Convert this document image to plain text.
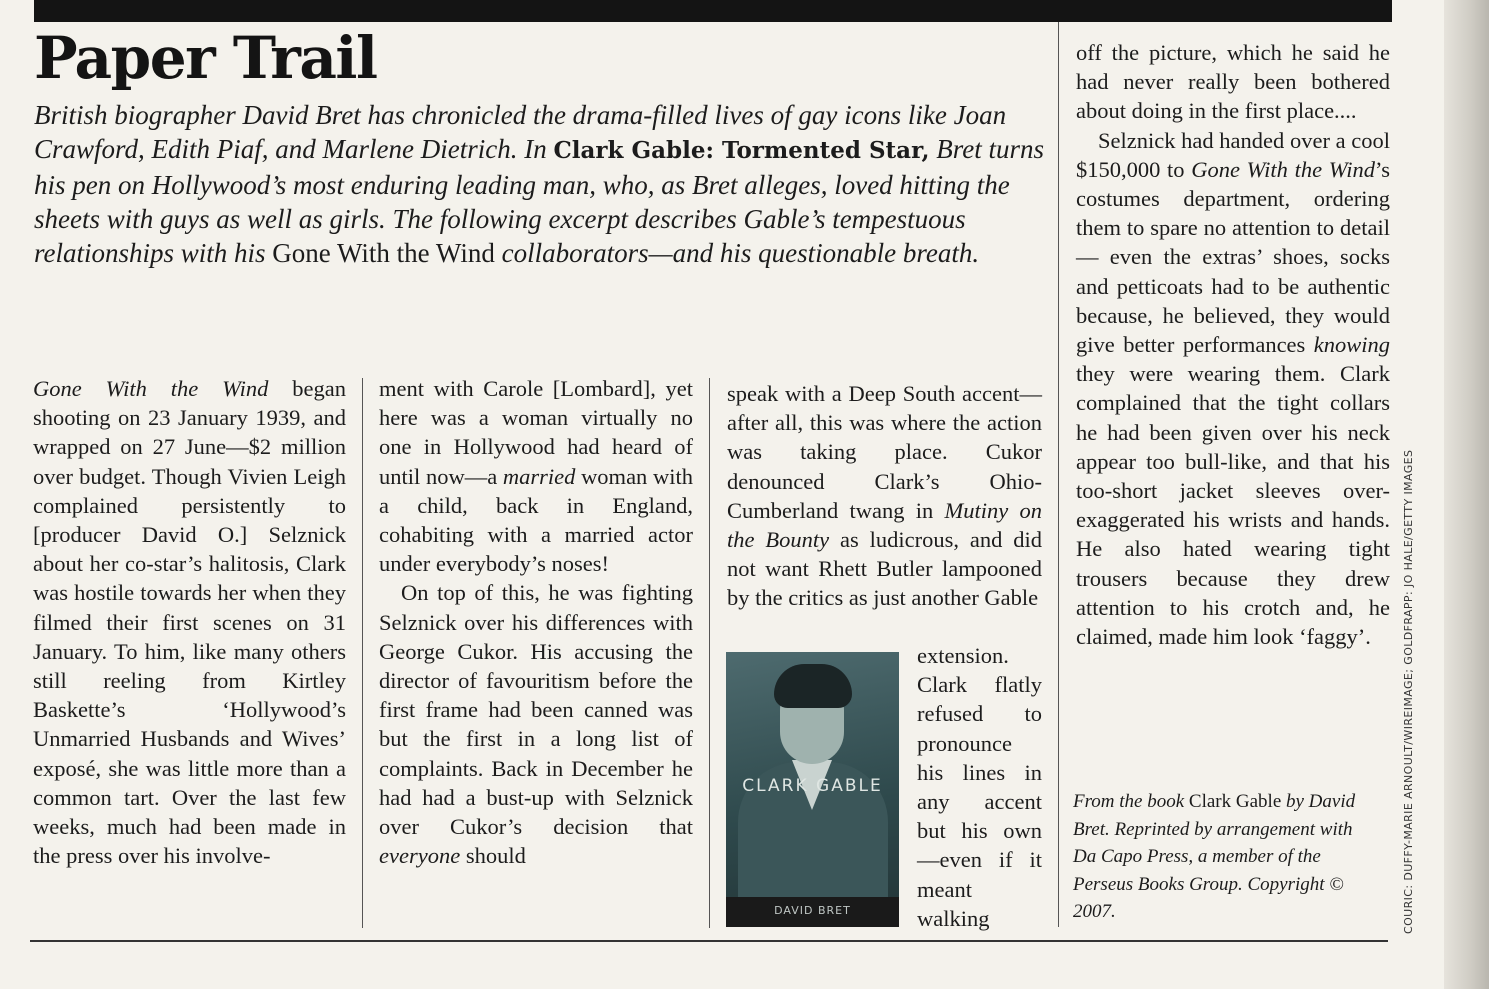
Paper Trail

British biographer David Bret has chronicled the drama-filled lives of gay icons like Joan Crawford, Edith Piaf, and Marlene Dietrich. In Clark Gable: Tormented Star, Bret turns his pen on Hollywood’s most enduring leading man, who, as Bret alleges, loved hitting the sheets with guys as well as girls. The following excerpt describes Gable’s tempestuous relationships with his Gone With the Wind collaborators—and his questionable breath.

Gone With the Wind began shooting on 23 January 1939, and wrapped on 27 June—$2 million over budget. Though Vivien Leigh complained persistently to [producer David O.] Selznick about her co-star’s halitosis, Clark was hostile towards her when they filmed their first scenes on 31 January. To him, like many others still reeling from Kirtley Baskette’s ‘Hollywood’s Unmarried Husbands and Wives’ exposé, she was little more than a common tart. Over the last few weeks, much had been made in the press over his involve-

ment with Carole [Lombard], yet here was a woman virtually no one in Hollywood had heard of until now—a married woman with a child, back in England, cohabiting with a married actor under everybody’s noses!

On top of this, he was fighting Selznick over his differences with George Cukor. His accusing the director of favouritism before the first frame had been canned was but the first in a long list of complaints. Back in December he had had a bust-up with Selznick over Cukor’s decision that everyone should

speak with a Deep South accent—after all, this was where the action was taking place. Cukor denounced Clark’s Ohio-Cumberland twang in Mutiny on the Bounty as ludicrous, and did not want Rhett Butler lampooned by the critics as just another Gable

CLARK GABLE
DAVID BRET

extension. Clark flatly refused to pronounce his lines in any accent but his own—even if it meant walking

off the picture, which he said he had never really been bothered about doing in the first place....

Selznick had handed over a cool $150,000 to Gone With the Wind’s costumes department, ordering them to spare no attention to detail — even the extras’ shoes, socks and petticoats had to be authentic because, he believed, they would give better performances knowing they were wearing them. Clark complained that the tight collars he had been given over his neck appear too bull-like, and that his too-short jacket sleeves over-exaggerated his wrists and hands. He also hated wearing tight trousers because they drew attention to his crotch and, he claimed, made him look ‘faggy’.

From the book Clark Gable by David Bret. Reprinted by arrangement with Da Capo Press, a member of the Perseus Books Group. Copyright © 2007.	COURIC: DUFFY-MARIE ARNOULT/WIREIMAGE; GOLDFRAPP: JO HALE/GETTY IMAGES
